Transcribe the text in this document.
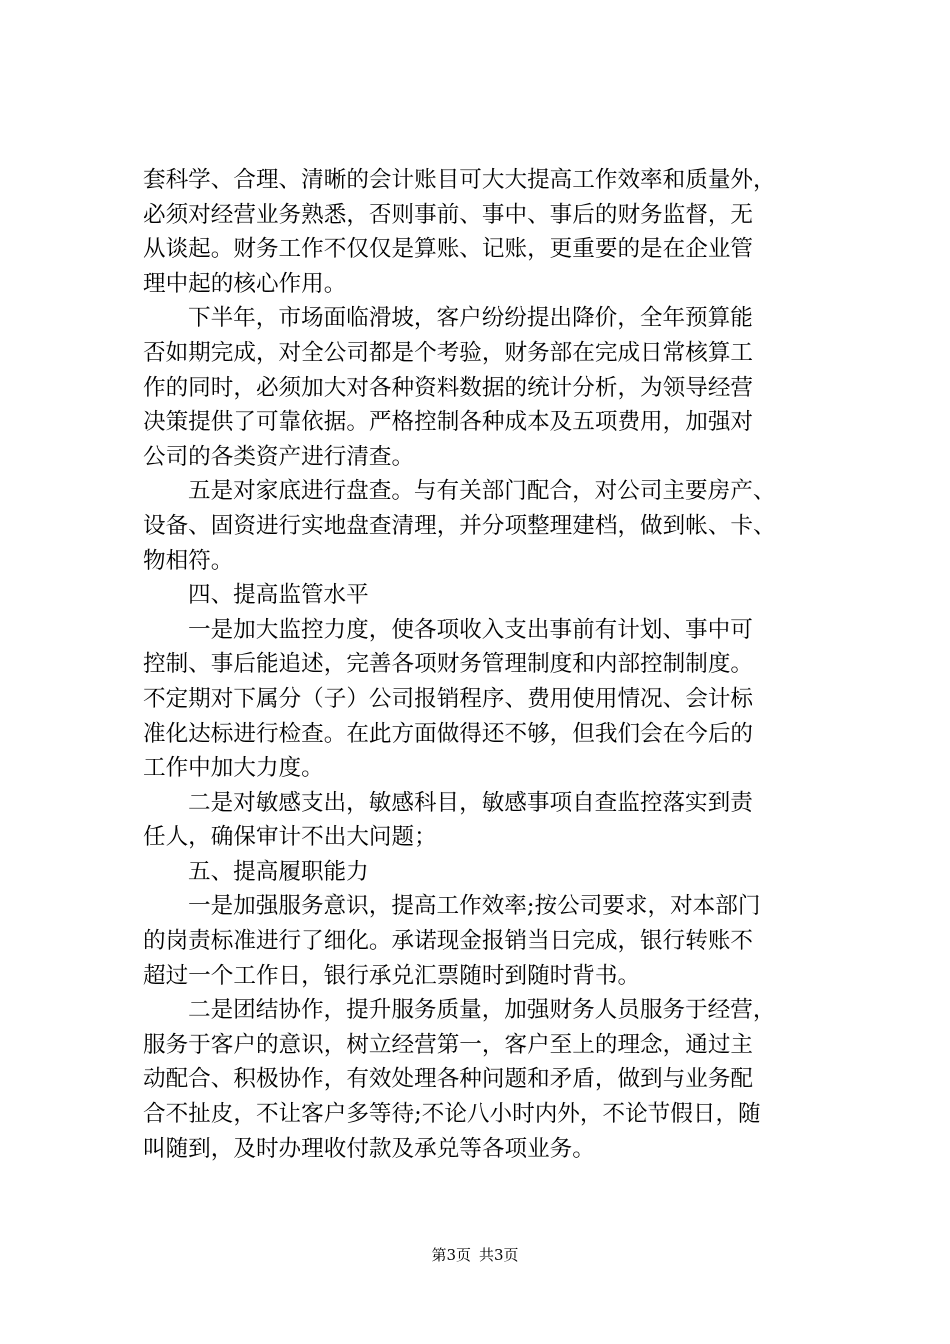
套科学、合理、清晰的会计账目可大大提高工作效率和质量外，
必须对经营业务熟悉，否则事前、事中、事后的财务监督，无
从谈起。财务工作不仅仅是算账、记账，更重要的是在企业管
理中起的核心作用。
下半年，市场面临滑坡，客户纷纷提出降价，全年预算能
否如期完成，对全公司都是个考验，财务部在完成日常核算工
作的同时，必须加大对各种资料数据的统计分析，为领导经营
决策提供了可靠依据。严格控制各种成本及五项费用，加强对
公司的各类资产进行清查。
五是对家底进行盘查。与有关部门配合，对公司主要房产、
设备、固资进行实地盘查清理，并分项整理建档，做到帐、卡、
物相符。
四、提高监管水平
一是加大监控力度，使各项收入支出事前有计划、事中可
控制、事后能追述，完善各项财务管理制度和内部控制制度。
不定期对下属分（子）公司报销程序、费用使用情况、会计标
准化达标进行检查。在此方面做得还不够，但我们会在今后的
工作中加大力度。
二是对敏感支出，敏感科目，敏感事项自查监控落实到责
任人，确保审计不出大问题；
五、提高履职能力
一是加强服务意识，提高工作效率;按公司要求，对本部门
的岗责标准进行了细化。承诺现金报销当日完成，银行转账不
超过一个工作日，银行承兑汇票随时到随时背书。
二是团结协作，提升服务质量，加强财务人员服务于经营，
服务于客户的意识，树立经营第一，客户至上的理念，通过主
动配合、积极协作，有效处理各种问题和矛盾，做到与业务配
合不扯皮，不让客户多等待;不论八小时内外，不论节假日，随
叫随到，及时办理收付款及承兑等各项业务。
第3页 共3页
